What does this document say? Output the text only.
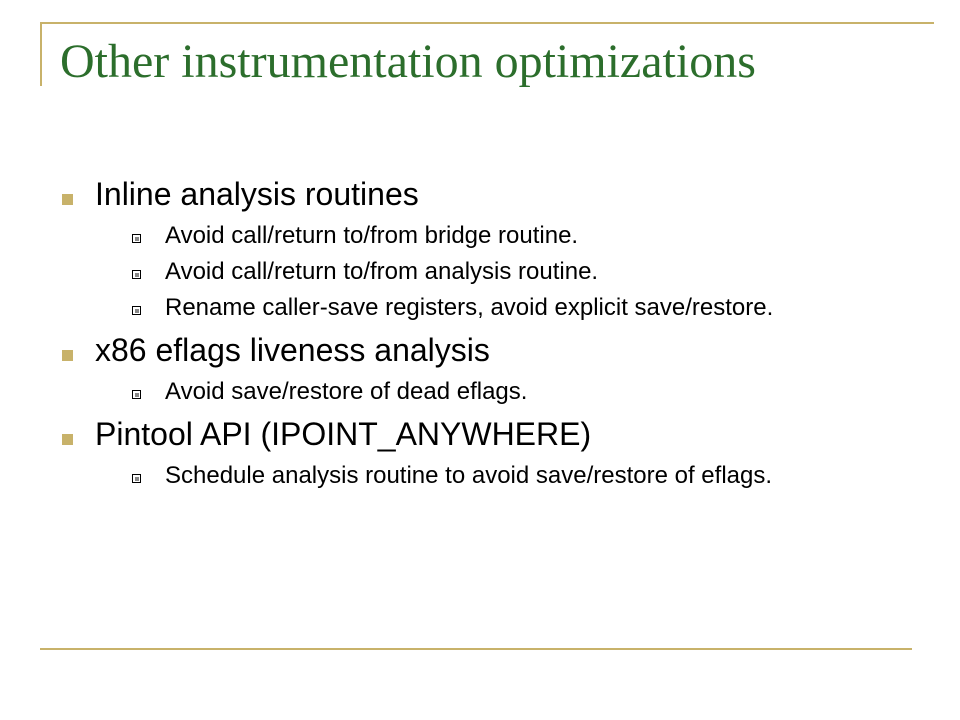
Other instrumentation optimizations
Inline analysis routines
Avoid call/return to/from bridge routine.
Avoid call/return to/from analysis routine.
Rename caller-save registers, avoid explicit save/restore.
x86 eflags liveness analysis
Avoid save/restore of dead eflags.
Pintool API (IPOINT_ANYWHERE)
Schedule analysis routine to avoid save/restore of eflags.
